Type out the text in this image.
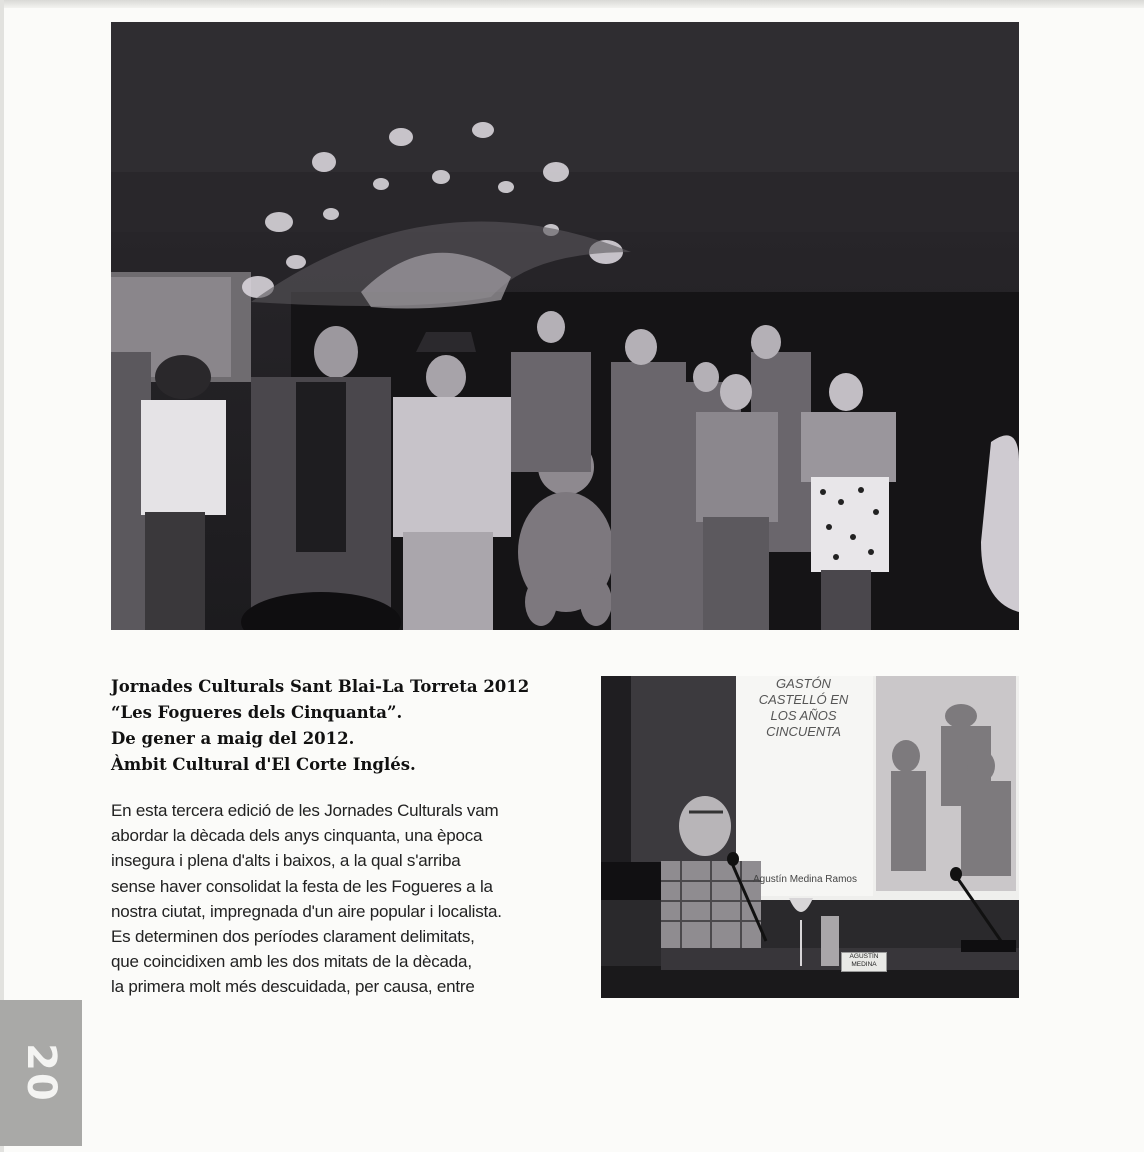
Jornades Culturals Sant Blai-La Torreta 2012
“Les Fogueres dels Cinquanta”.
De gener a maig del 2012.
Àmbit Cultural d'El Corte Inglés.
En esta tercera edició de les Jornades Culturals vam
abordar la dècada dels anys cinquanta, una època
insegura i plena d'alts i baixos, a la qual s'arriba
sense haver consolidat la festa de les Fogueres a la
nostra ciutat, impregnada d'un aire popular i localista.
Es determinen dos períodes clarament delimitats,
que coincidixen amb les dos mitats de la dècada,
la primera molt més descuidada, per causa, entre
GASTÓN
CASTELLÓ EN
LOS AÑOS
CINCUENTA
Agustín Medina Ramos
AGUSTÍN
MEDINA
20
